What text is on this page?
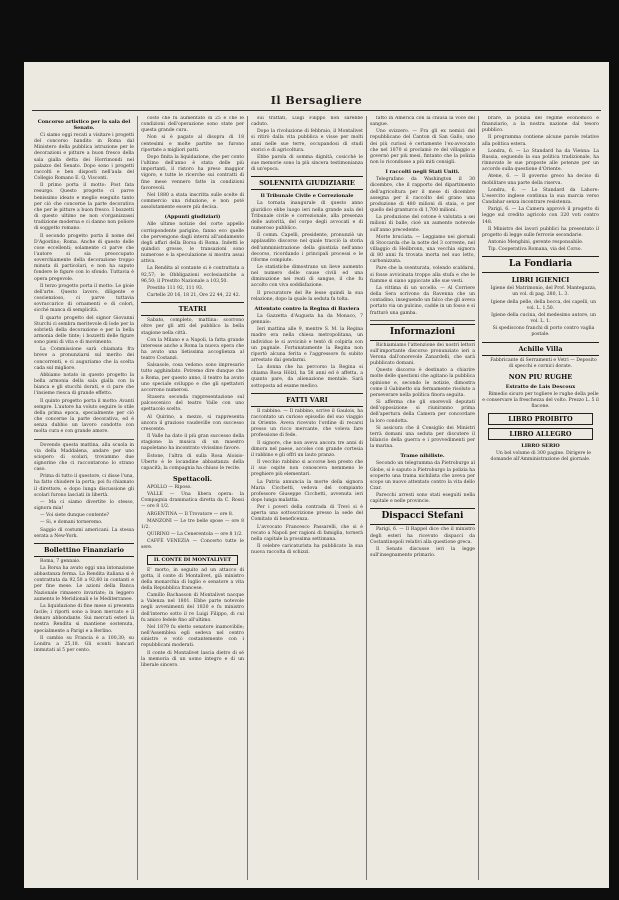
Il Bersagliere
Concorso artistico per la sala del Senato.

Ci siamo oggi recati a visitare i progetti del concorso bandito in Roma dal Ministero della pubblica istruzione per le decorazioni e pitture a buon fresco della sala gialla detta dei Horrimondi nel palazzo del Senato. Dopo sono i progetti raccolti e ben disposti nell'aula del Collegio Romano E. Q. Visconti.

Il primo porta il motto: Post fata resurgo. Questo progetto ci parve benissimo ideato e meglio eseguito tanto per ciò che concerne la parte decorativa che per le pitture a buon fresco. I bozzetti di questo ultimo ne non s'organizzassi tradizione moderna e ci danno non poliore di soggetto romano.

Il secondo progetto porta il nome del D'Agostino; Roma. Anche di questo delle cose eccellenti; solamente ci parve che l'autore si sia preoccupato soverchiamente della decorazione troppo minuta di particolari, e non ha saputo fondere le figure con lo sfondo. Tuttavia è opera pregevole.

Il terzo progetto porta il motto: Le gioie dell'arte. Questo lavoro, diligente e coscienzioso, ci parve tuttavia sovraccarico di ornamenti e di colori, sicché manca di semplicità.

Il quarto progetto del signor Giovanni Sturchi ci sembra meritevole di lode per la sobrietà della decorazione e per la bella armonia delle tinte; i bozzetti delle figure sono pieni di vita e di movimento.

La Commissione sarà chiamata fra breve a pronunziarsi sul merito dei concorrenti, e ci auguriamo che la scelta cada sul migliore.

Abbiamo notato in questo progetto la bella armonia della sala gialla con la bianca e gli stucchi dorati, e ci pare che l'insieme riesca di grande effetto.

Il quinto progetto porta il motto: Avanti sempre. L'autore ha voluto seguire lo stile della prima epoca, specialmente per ciò che concerne la parte decorativa, ed è senza dubbio un lavoro condotto con molta cura e con grande amore.

Dovendo questa mattina, alla scuola in via della Maddalena, andare per uno sciopero di scolari, trovammo due signorine che ci raccontarono lo strano caso.

Prima di tutto il questore, ci disse l'una, ha fatto chiudere la porta; poi fu chiamato il direttore, e dopo lunga discussione gli scolari furono lasciati in libertà.

— Ma ci siamo divertite lo stesso, signora mia!

— Voi siete dunque contente?

— Si, e domani torneremo.

Saggio di costumi americani. La stessa serata a New-York.

Bollettino Finanziario

Roma, 7 gennaio.

La Borsa ha avuto oggi una intonazione abbastanza ferma. La Rendita italiana si è contrattata da 92,50 a 92,60 in contanti e per fine mese. Le azioni della Banca Nazionale rimasero invariate; in leggero aumento le Meridionali e le Mediterranee.

La liquidazione di fine mese si presenta facile; i riporti sono a buon mercato e il denaro abbondante. Sui mercati esteri la nostra Rendita si mantiene sostenuta, specialmente a Parigi e a Berlino.

Il cambio su Francia è a 100,30; su Londra a 25,18. Gli sconti bancari immutati al 5 per cento.

costo che fu aumentato di 25 e che le condizioni dell'operazione sono state per questa grande cura.

Non si è pagato al disopra di 18 centesimi e molte partite ne furono riportate a migliori patti.

Dopo finita la liquidazione, che per conto l'ultimo dell'anno è stata delle più importanti, il ristoro ha preso maggior vigore, e tutte le ricerche sui contratti di fine mese vennero fatte in condizioni favorevoli.

Nel 1880 a stata inscritta sulle scelte di commercio una riduzione, e non poté assolutamente essere più decisa.

(Appunti giudiziari)

Alle ultime notizie del corte appello corrispondente parigino, fanno eco quelle che pervengono dagli interni all'andamento degli affari della Borsa di Roma. Indetti le quindici grosse, le transazioni sono numerose e la speculazione si mostra assai attiva.

La Rendita al contante si è contrattata a 92,57; le Obbligazioni ecclesiastiche a 96,50; il Prestito Nazionale a 103,50.

Prestito 111 92, 111 93.

Cartelle 20 16, 18 21, Ore 22 44, 22 42.

TEATRI

Sabato, completo, mattina: scorrono oltre per gli atti del pubblico la bella stagione nella città.

Con la Milano e a Napoli, la fatta grande interesse anche a Roma la nuova opera che ha avuto una lietissima accoglienza al teatro Costanzi.

Salsasole, cosa vedono: sono impresario tutto agghindato. Potremo dire dunque che a Roma, per questo anno, il teatro ha avuto uno speciale sviluppo e che gli spettatori accorrono numerosi.

Stasera seconda rappresentazione sul palcoscenico del teatro Valle con uno spettacolo scelto.

Al Quirino, a mezzo, si rappresenta ancora il grazioso vaudeville con successo crescente.

Il Valle ha dato il più gran successo della stagione: la musica di un maestro napoletano ha incontrato vivissimo favore.

Estone, l'altra di sulla Rosa Aloisio-Uberto è le locandine abbastanza della capacità, la compagnia ha chiuso le recite.

Spettacoli.

APOLLO — Riposo.

VALLE — Una libera opera: la Compagnia drammatica diretta da C. Rossi — ore 8 1/2.

ARGENTINA — Il Trovatore — ore 8.

MANZONI — Le tre belle spose — ore 8 1/2.

QUIRINO — La Cenerentola — ore 8 1/2.

CAFFÈ VENEZIA — Concerto tutte le sere.

IL CONTE DI MONTALIVET

E' morto, in seguito ad un attacco di gotta, il conte di Montalivet, già ministro della monarchia di luglio e senatore a vita della Repubblica francese.

Camillo Bachasson di Montalivet nacque a Valenza nel 1801. Ebbe parte notevole negli avvenimenti del 1830 e fu ministro dell'interno sotto il re Luigi Filippo, di cui fu amico fedele fino all'ultimo.

Nel 1879 fu eletto senatore inamovibile; nell'Assemblea egli sedeva nel centro sinistro e votò costantemente con i repubblicani moderati.

Il conte di Montalivet lascia dietro di sé la memoria di un uomo integro e di un liberale sincero.

sui trattati, Luigi Filippo non sarebbe caduto.

Dopo la rivoluzione di febbraio, il Montalivet si ritirò dalla vita pubblica e visse per molti anni nelle sue terre, occupandosi di studi storici e di agricoltura.

Ebbe parola di somma dignità, cosicchè le sue memorie sono la più sincera testimonianza di un'epoca.

SOLENNITÀ GIUDIZIARIE
Il Tribunale Civile e Correzionale

La tornata inaugurale di questo anno giuridico ebbe luogo ieri nella grande aula del Tribunale civile e correzionale, alla presenza delle autorità, del corpo degli avvocati e di numeroso pubblico.

Il comm. Capelli, presidente, pronunziò un applaudito discorso nel quale tracciò la storia dell'amministrazione della giustizia nell'anno decorso, ricordando i principali processi e le riforme compiute.

Le statistiche dimostrano un lieve aumento nel numero delle cause civili ed una diminuzione nei reati di sangue, il che fu accolto con viva soddisfazione.

Il procuratore del Re lesse quindi la sua relazione, dopo la quale la seduta fu tolta.

Attentato contro la Regina di Baviera

La Gazzetta d'Augusta ha da Monaco, 7 gennaio:

Ieri mattina alle 9, mentre S. M. la Regina madre era nella chiesa metropolitana, un individuo le si avvicinò e tentò di colpirla con un pugnale. Fortunatamente la Regina non riportò alcuna ferita e l'aggressore fu subito arrestato dai gendarmi.

La donna che ha percorso la Regina si chiama Rosa Hölzl, ha 58 anni ed è affetta, a quanto pare, da alienazione mentale. Sarà sottoposta ad esame medico.

FATTI VARI

Il rabbino. — Il rabbino, scrive il Gaulois, ha raccontato un curioso episodio del suo viaggio in Oriente. Aveva ricevuto l'ordine di recarsi presso un ricco mercante, che voleva fare professione di fede.

Il signore, che non aveva ancora tre anni di dimora nel paese, accolse con grande cortesia il rabbino e gli offrì un lauto pranzo.

Il vecchio rabbino si accorse ben presto che il suo ospite non conosceva nemmeno le preghiere più elementari.

La Patria annuncia la morte della signora Maria Cicchetti, vedova del compianto professore Giuseppe Cicchetti, avvenuta ieri dopo lunga malattia.

Per i poveri della contrada di Trevi si è aperta una sottoscrizione presso la sede del Comitato di beneficenza.

L'avvocato Francesco Passarelli, che si è recato a Napoli per ragioni di famiglia, tornerà nella capitale la prossima settimana.

Il celebre caricaturista ha pubblicato la sua nuova raccolta di schizzi.

fatto in America con la chiusa la voce del sangue.

Uno svizzero. — Fra gli ex nemici del repubblicano del Canton di San Gallo, uno dei più curiosi è certamente l'ex-avvocato che nel 1870 si proclamò re del villaggio e governò per più mesi, fintanto che la polizia non lo ricondusse a più miti consigli.

I raccolti negli Stati Uniti.

Telegrafano da Washington il 30 dicembre, che il rapporto del dipartimento dell'agricoltura per il mese di dicembre assegna per il raccolto del grano una produzione di 480 milioni di staia, e per quello del granturco di 1,700 milioni.

La produzione del cotone è valutata a sei milioni di balle, cioè un aumento notevole sull'anno precedente.

Morte bruciata. — Leggiamo nei giornali di Stoccarda che la notte del 3 corrente, nel villaggio di Heilbronn, una vecchia signora di 80 anni fu trovata morta nel suo letto, carbonizzata.

Pare che la sventurata, volendo scaldarsi, si fosse avvicinata troppo alla stufa e che le fiamme si siano appiccate alle sue vesti.

La vittima di un uccello. — Al Corriere della Sera scrivono da Ravenna che un contadino, inseguendo un falco che gli aveva portato via un pulcino, cadde in un fosso e si fratturò una gamba.

Informazioni

Richiamiamo l'attenzione dei nostri lettori sull'importante discorso pronunziato ieri a Verona dall'onorevole Zanardelli, che sarà pubblicato domani.

Questo discorso è destinato a chiarire molte delle questioni che agitano la pubblica opinione e, secondo le notizie, dimostra come il Gabinetto sia fermamente risoluto a perseverare nella politica finora seguita.

Si afferma che gli onorevoli deputati dell'opposizione si riuniranno prima dell'apertura della Camera per concordare la loro condotta.

Si assicura che il Consiglio dei Ministri terrà domani una seduta per discutere il bilancio della guerra e i provvedimenti per la marina.

Trame nihiliste.

Secondo un telegramma da Pietroburgo al Globe, si è saputo a Pietroburgo la polizia ha scoperto una trama nichilista che aveva per scopo un nuovo attentato contro la vita dello Czar.

Parecchi arresti sono stati eseguiti nella capitale e nelle provincie.

Dispacci Stefani

Parigi, 6. — Il Rappel dice che il ministro degli esteri ha ricevuto dispacci da Costantinopoli relativi alla questione greca.

Il Senato discusse ieri la legge sull'insegnamento primario.

brare, la polizia del regime economico e finanziario, a la nostra nazione dal tesoro pubblico.

Il programma contiene alcune parole relative alla politica estera.

Londra, 6. — Lo Standard ha da Vienna: La Russia, seguendo la sua politica tradizionale, ha rinnovato le sue proposte alle potenze per un accordo sulla questione d'Oriente.

Atene, 6. — Il governo greco ha deciso di mobilitare una parte della riserva.

Londra, 6. — Lo Standard da Lahore: L'esercito inglese continua la sua marcia verso Candahar senza incontrare resistenza.

Parigi, 6. — La Camera approvò il progetto di legge sul credito agricolo con 320 voti contro 148.

Il Ministro dei lavori pubblici ha presentato il progetto di legge sulle ferrovie secondarie.

Antonio Menghini, gerente responsabile.

Tip. Cooperativa Romana, via del Corso.

La Fondiaria
LIBRI IGIENICI

Igiene del Matrimonio, del Prof. Mantegazza, un vol. di pag. 280, L. 3.

Igiene della pelle, della bocca, dei capelli, un vol. L. 1,50.

Igiene della cucina, del medesimo autore, un vol. L. 1.

Si spediscono franchi di porto contro vaglia postale.

Achille Villa

Fabbricante di Serramenti e Vetri — Deposito di specchi e cornici dorate.

NON PIU RUGHE
Estratto de Lais Descoux

Rimedio sicuro per togliere le rughe della pelle e conservare la freschezza del volto. Prezzo L. 5 il flacone.

LIBRO PROIBITO
LIBRO ALLEGRO
LIBRO SERIO

Un bel volume di 300 pagine. Dirigere le domande all'Amministrazione del giornale.
